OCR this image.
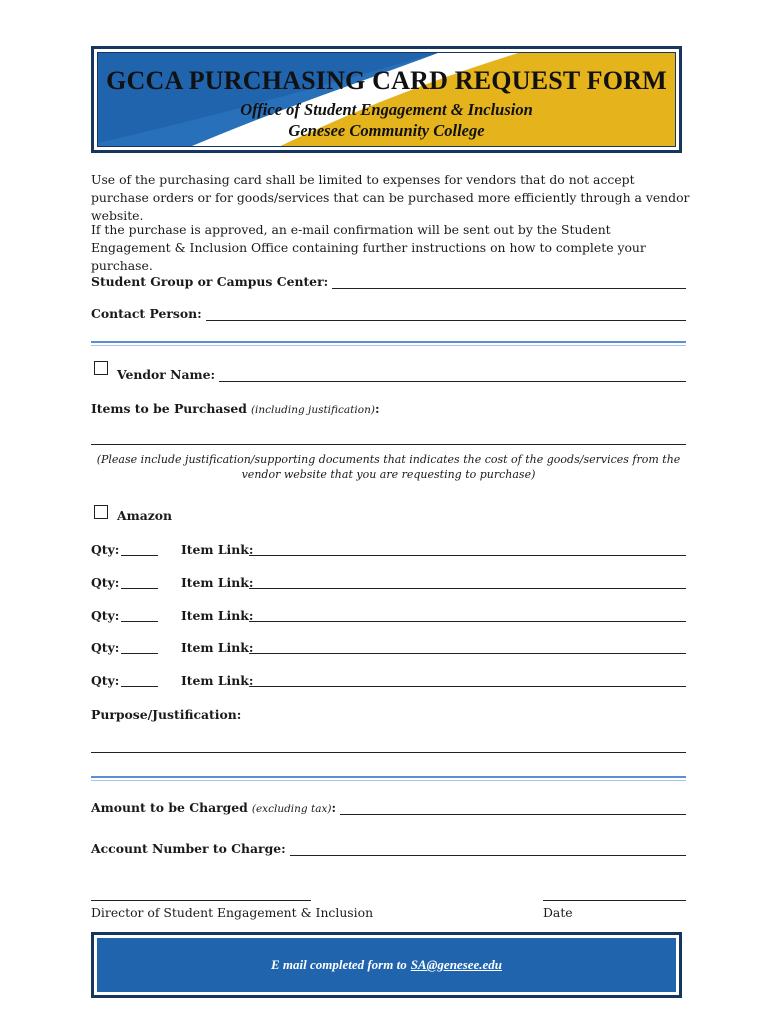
GCCA PURCHASING CARD REQUEST FORM
Office of Student Engagement & Inclusion
Genesee Community College

Use of the purchasing card shall be limited to expenses for vendors that do not accept purchase orders or for goods/services that can be purchased more efficiently through a vendor website.

If the purchase is approved, an e-mail confirmation will be sent out by the Student Engagement & Inclusion Office containing further instructions on how to complete your purchase.

Student Group or Campus Center:
Contact Person:
Vendor Name:
Items to be Purchased (including justification) :
(Please include justification/supporting documents that indicates the cost of the goods/services from the vendor website that you are requesting to purchase)
Amazon
Qty:	Item Link:
Qty:	Item Link:
Qty:	Item Link:
Qty:	Item Link:
Qty:	Item Link:
Purpose/Justification:
Amount to be Charged (excluding tax) :
Account Number to Charge:
Director of Student Engagement & Inclusion	Date
E mail completed form to SA@genesee.edu
